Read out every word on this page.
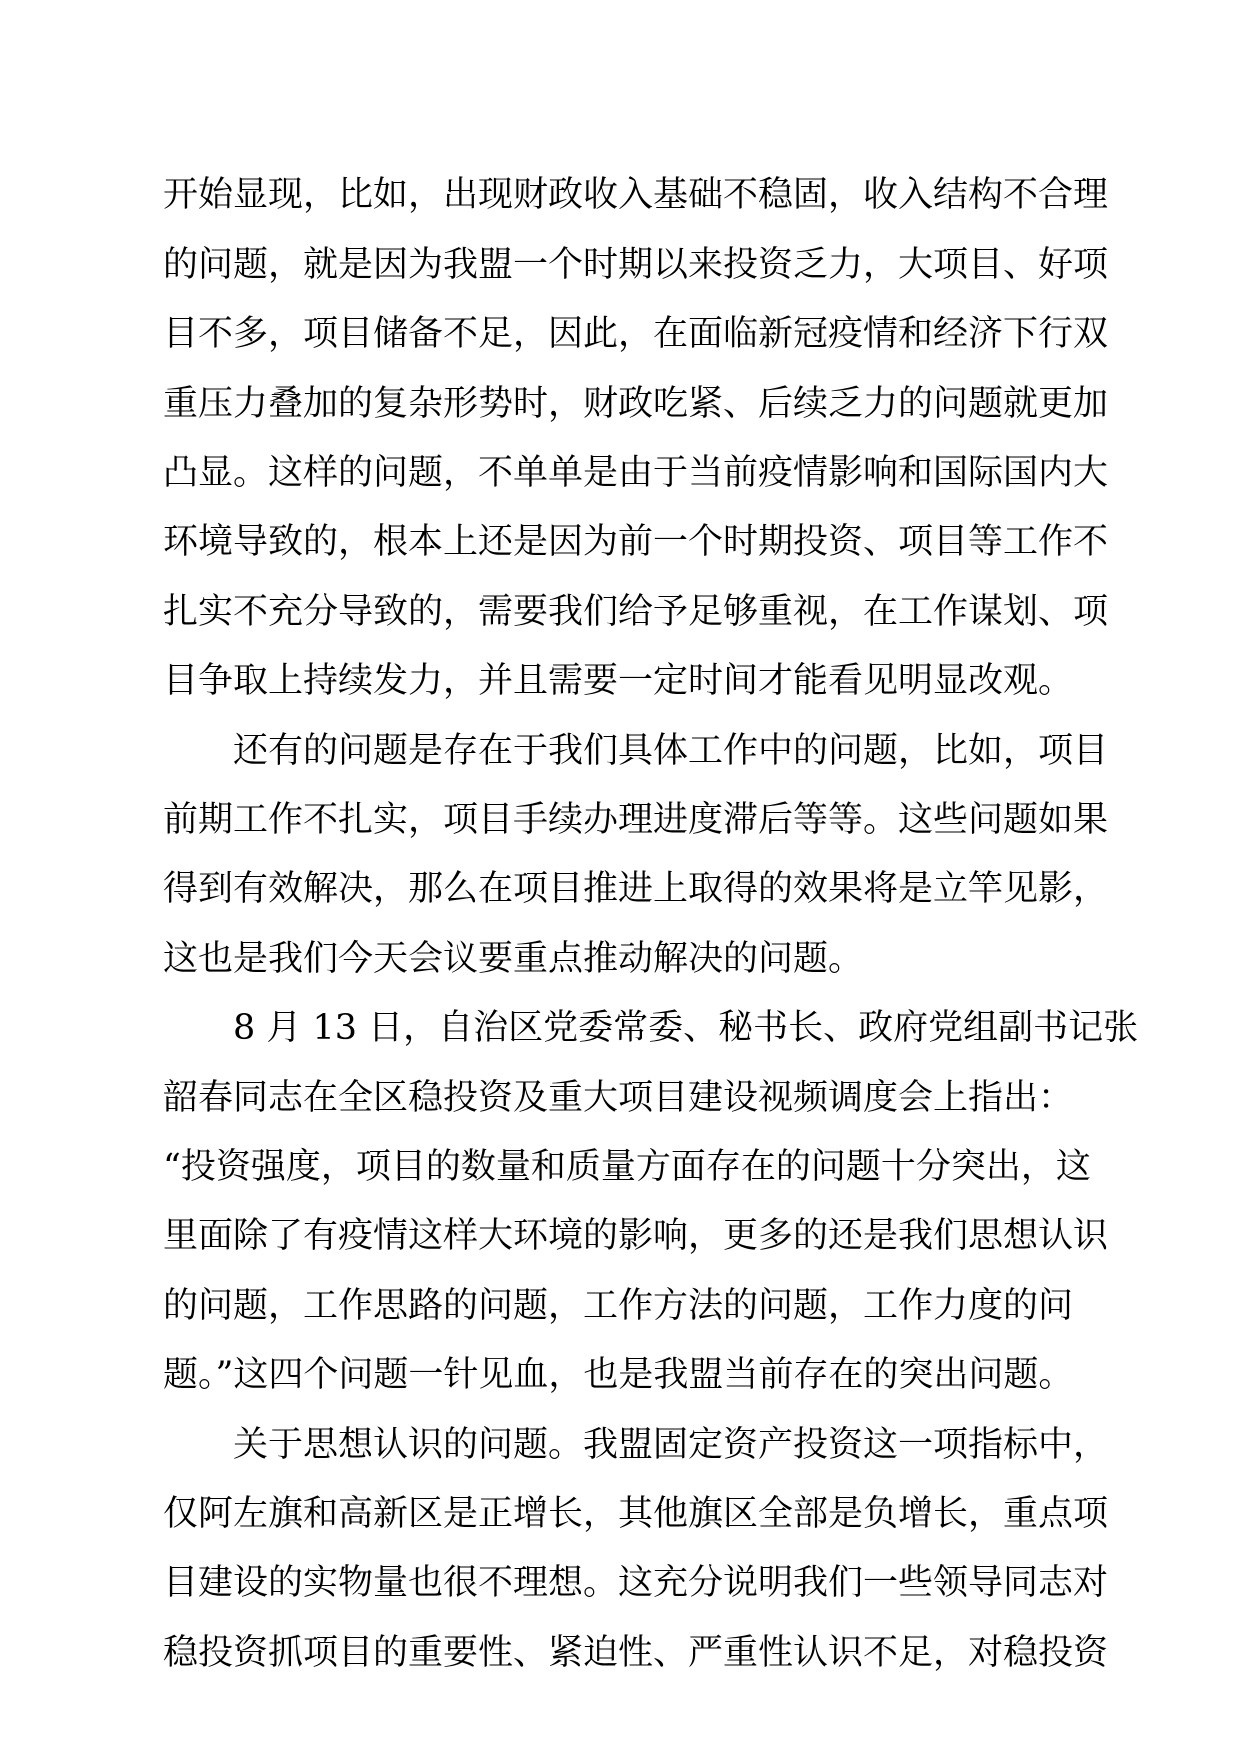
开始显现，比如，出现财政收入基础不稳固，收入结构不合理
的问题，就是因为我盟一个时期以来投资乏力，大项目、好项
目不多，项目储备不足，因此，在面临新冠疫情和经济下行双
重压力叠加的复杂形势时，财政吃紧、后续乏力的问题就更加
凸显。这样的问题，不单单是由于当前疫情影响和国际国内大
环境导致的，根本上还是因为前一个时期投资、项目等工作不
扎实不充分导致的，需要我们给予足够重视，在工作谋划、项
目争取上持续发力，并且需要一定时间才能看见明显改观。
还有的问题是存在于我们具体工作中的问题，比如，项目
前期工作不扎实，项目手续办理进度滞后等等。这些问题如果
得到有效解决，那么在项目推进上取得的效果将是立竿见影，
这也是我们今天会议要重点推动解决的问题。
8 月 13 日，自治区党委常委、秘书长、政府党组副书记张
韶春同志在全区稳投资及重大项目建设视频调度会上指出：
“投资强度，项目的数量和质量方面存在的问题十分突出，这
里面除了有疫情这样大环境的影响，更多的还是我们思想认识
的问题，工作思路的问题，工作方法的问题，工作力度的问
题。”这四个问题一针见血，也是我盟当前存在的突出问题。
关于思想认识的问题。我盟固定资产投资这一项指标中，
仅阿左旗和高新区是正增长，其他旗区全部是负增长，重点项
目建设的实物量也很不理想。这充分说明我们一些领导同志对
稳投资抓项目的重要性、紧迫性、严重性认识不足，对稳投资
